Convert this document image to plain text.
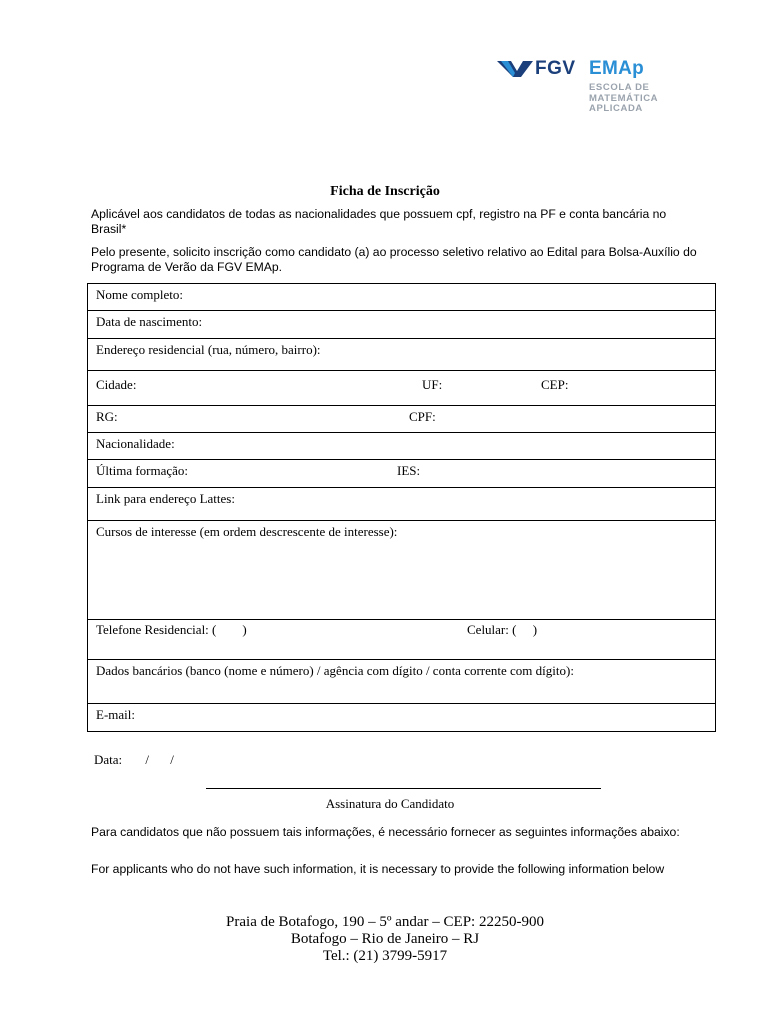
FGV EMAp
ESCOLA DE
MATEMÁTICA
APLICADA
Ficha de Inscrição
Aplicável aos candidatos de todas as nacionalidades que possuem cpf, registro na PF e conta bancária no Brasil*
Pelo presente, solicito inscrição como candidato (a) ao processo seletivo relativo ao Edital para Bolsa-Auxílio do Programa de Verão da FGV EMAp.
Nome completo:
Data de nascimento:
Endereço residencial (rua, número, bairro):
Cidade:	UF:	CEP:
RG:	CPF:
Nacionalidade:
Última formação:	IES:
Link para endereço Lattes:
Cursos de interesse (em ordem descrescente de interesse):
Telefone Residencial: (        )	Celular: (     )
Dados bancários (banco (nome e número) / agência com dígito / conta corrente com dígito):
E-mail:
Data: / /
Assinatura do Candidato
Para candidatos que não possuem tais informações, é necessário fornecer as seguintes informações abaixo:
For applicants who do not have such information, it is necessary to provide the following information below
Praia de Botafogo, 190 – 5º andar – CEP: 22250-900
Botafogo – Rio de Janeiro – RJ
Tel.: (21) 3799-5917
